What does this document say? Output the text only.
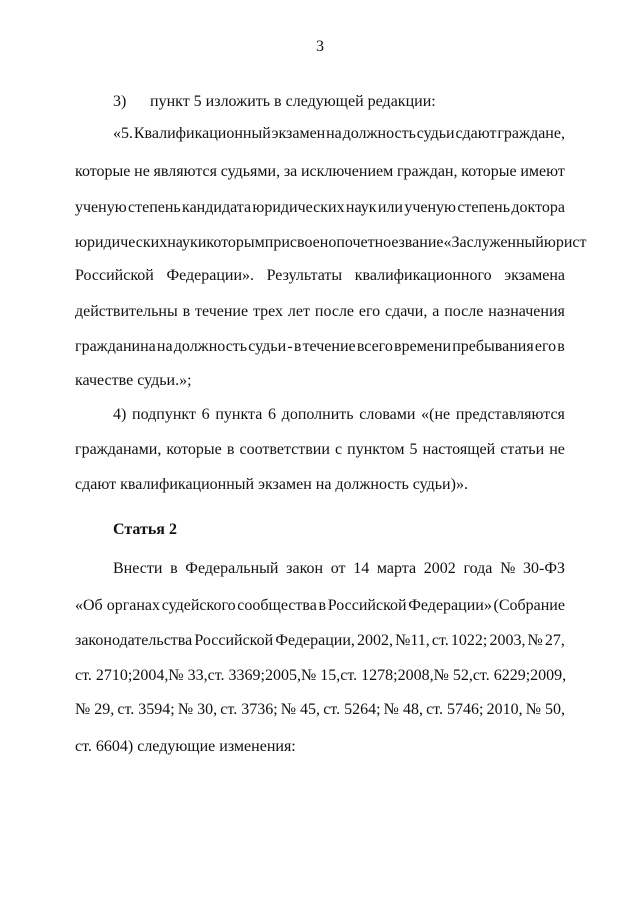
3
3) пункт 5 изложить в следующей редакции:
«5. Квалификационный экзамен на должность судьи сдают граждане,
которые не являются судьями, за исключением граждан, которые имеют
ученую степень кандидата юридических наук или ученую степень доктора
юридических наук и которым присвоено почетное звание «Заслуженный юрист
Российской Федерации». Результаты квалификационного экзамена
действительны в течение трех лет после его сдачи, а после назначения
гражданина на должность судьи - в течение всего времени пребывания его в
качестве судьи.»;
4) подпункт 6 пункта 6 дополнить словами «(не представляются
гражданами, которые в соответствии с пунктом 5 настоящей статьи не
сдают квалификационный экзамен на должность судьи)».
Статья 2
Внести в Федеральный закон от 14 марта 2002 года № 30-ФЗ
«Об органах судейского сообщества в Российской Федерации» (Собрание
законодательства Российской Федерации, 2002, №11, ст. 1022; 2003, № 27,
ст. 2710; 2004, № 33, ст. 3369; 2005, № 15, ст. 1278; 2008, № 52, ст. 6229; 2009,
№ 29, ст. 3594; № 30, ст. 3736; № 45, ст. 5264; № 48, ст. 5746; 2010, № 50,
ст. 6604) следующие изменения:
